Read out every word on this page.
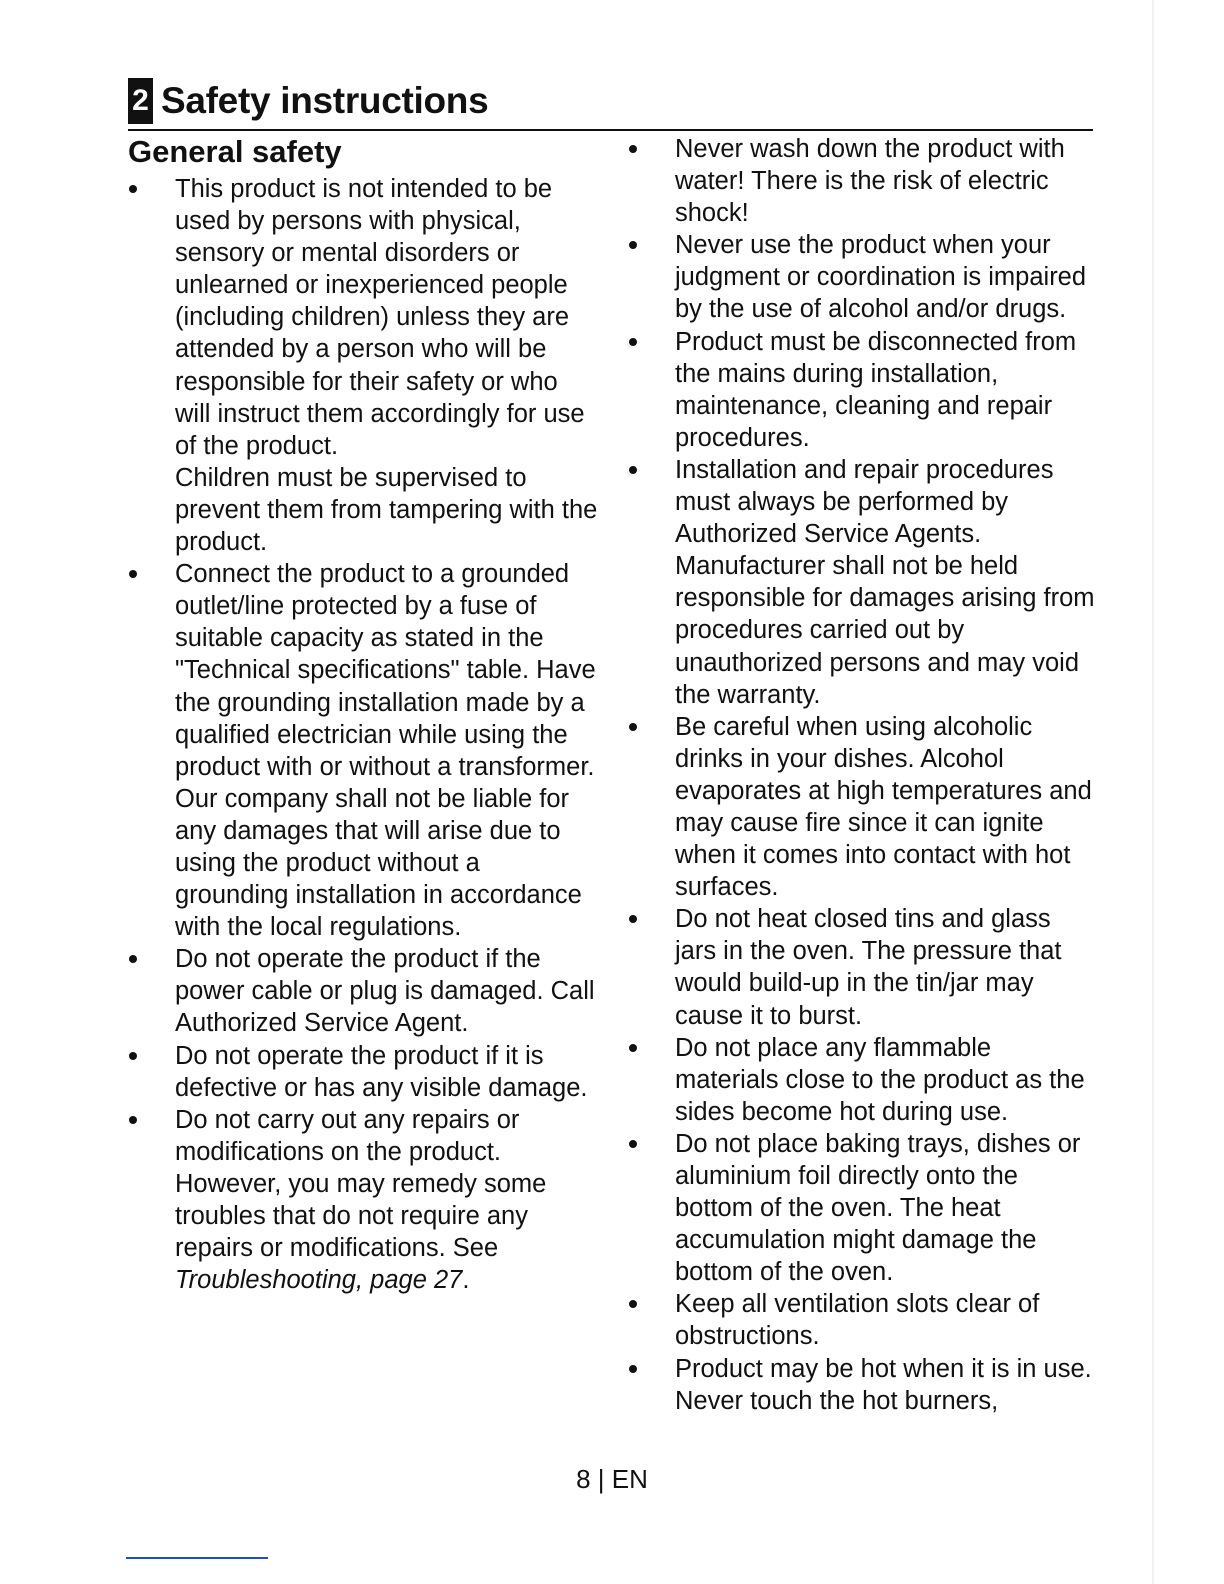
2 Safety instructions
General safety
This product is not intended to be used by persons with physical, sensory or mental disorders or unlearned or inexperienced people (including children) unless they are attended by a person who will be responsible for their safety or who will instruct them accordingly for use of the product.
Children must be supervised to prevent them from tampering with the product.
Connect the product to a grounded outlet/line protected by a fuse of suitable capacity as stated in the "Technical specifications" table. Have the grounding installation made by a qualified electrician while using the product with or without a transformer. Our company shall not be liable for any damages that will arise due to using the product without a grounding installation in accordance with the local regulations.
Do not operate the product if the power cable or plug is damaged. Call Authorized Service Agent.
Do not operate the product if it is defective or has any visible damage.
Do not carry out any repairs or modifications on the product. However, you may remedy some troubles that do not require any repairs or modifications. See Troubleshooting, page 27.
Never wash down the product with water! There is the risk of electric shock!
Never use the product when your judgment or coordination is impaired by the use of alcohol and/or drugs.
Product must be disconnected from the mains during installation, maintenance, cleaning and repair procedures.
Installation and repair procedures must always be performed by Authorized Service Agents. Manufacturer shall not be held responsible for damages arising from procedures carried out by unauthorized persons and may void the warranty.
Be careful when using alcoholic drinks in your dishes. Alcohol evaporates at high temperatures and may cause fire since it can ignite when it comes into contact with hot surfaces.
Do not heat closed tins and glass jars in the oven. The pressure that would build-up in the tin/jar may cause it to burst.
Do not place any flammable materials close to the product as the sides become hot during use.
Do not place baking trays, dishes or aluminium foil directly onto the bottom of the oven. The heat accumulation might damage the bottom of the oven.
Keep all ventilation slots clear of obstructions.
Product may be hot when it is in use. Never touch the hot burners,
8 | EN
